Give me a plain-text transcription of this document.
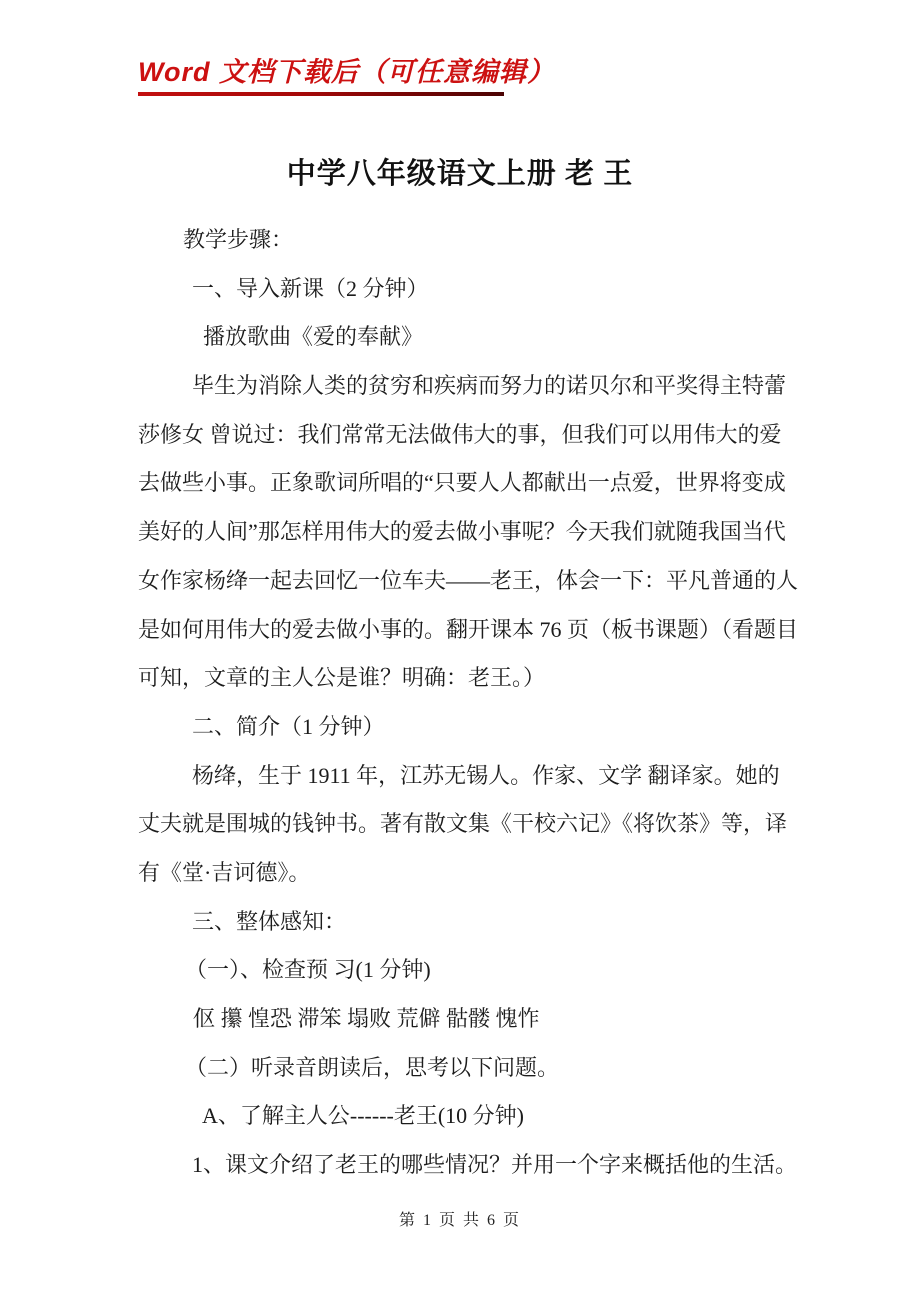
Word 文档下载后（可任意编辑）
中学八年级语文上册 老 王
教学步骤：
一、导入新课（2 分钟）
播放歌曲《爱的奉献》
毕生为消除人类的贫穷和疾病而努力的诺贝尔和平奖得主特蕾
莎修女 曾说过：我们常常无法做伟大的事，但我们可以用伟大的爱
去做些小事。正象歌词所唱的“只要人人都献出一点爱，世界将变成
美好的人间”那怎样用伟大的爱去做小事呢？今天我们就随我国当代
女作家杨绛一起去回忆一位车夫——老王，体会一下：平凡普通的人
是如何用伟大的爱去做小事的。翻开课本 76 页（板书课题）（看题目
可知，文章的主人公是谁？明确：老王。）
二、简介（1 分钟）
杨绛，生于 1911 年，江苏无锡人。作家、文学 翻译家。她的
丈夫就是围城的钱钟书。著有散文集《干校六记》《将饮茶》等，译
有《堂·吉诃德》。
三、整体感知：
（一）、检查预 习(1 分钟)
伛 攥 惶恐 滞笨 塌败 荒僻 骷髅 愧怍
（二）听录音朗读后，思考以下问题。
A、了解主人公------老王(10 分钟)
1、课文介绍了老王的哪些情况？并用一个字来概括他的生活。
第 1 页 共 6 页
